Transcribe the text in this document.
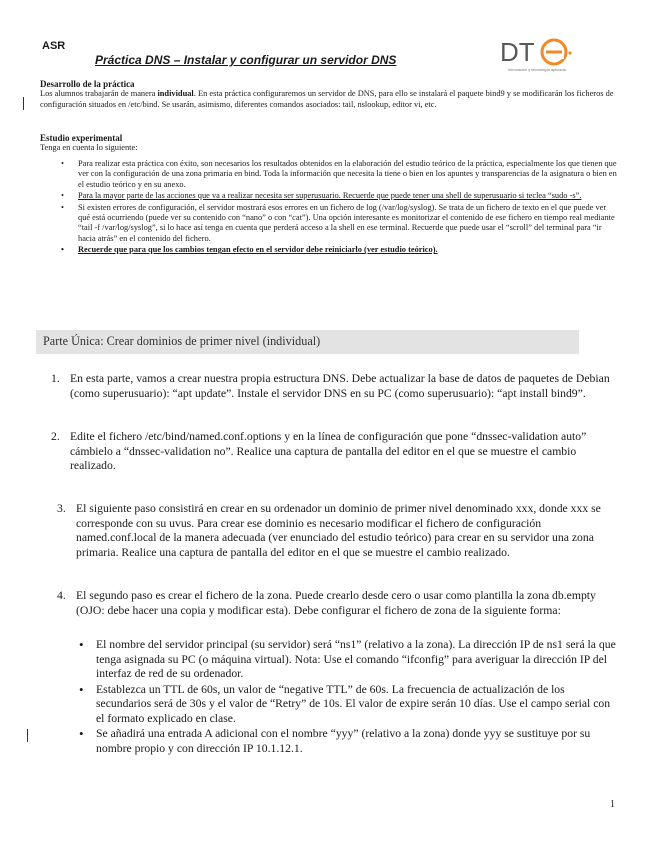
ASR
Práctica DNS – Instalar y configurar un servidor DNS	DT
innovación y tecnología aplicada
Desarrollo de la práctica
Los alumnos trabajarán de manera individual. En esta práctica configuraremos un servidor de DNS, para ello se instalará el paquete bind9 y se modificarán los ficheros de configuración situados en /etc/bind. Se usarán, asimismo, diferentes comandos asociados: tail, nslookup, editor vi, etc.
Estudio experimental
Tenga en cuenta lo siguiente:
• Para realizar esta práctica con éxito, son necesarios los resultados obtenidos en la elaboración del estudio teórico de la práctica, especialmente los que tienen que ver con la configuración de una zona primaria en bind. Toda la información que necesita la tiene o bien en los apuntes y transparencias de la asignatura o bien en el estudio teórico y en su anexo.
• Para la mayor parte de las acciones que va a realizar necesita ser superusuario. Recuerde que puede tener una shell de superusuario si teclea “sudo -s”.
• Si existen errores de configuración, el servidor mostrará esos errores en un fichero de log (/var/log/syslog). Se trata de un fichero de texto en el que puede ver qué está ocurriendo (puede ver su contenido con “nano” o con “cat”). Una opción interesante es monitorizar el contenido de ese fichero en tiempo real mediante “tail -f /var/log/syslog”, si lo hace así tenga en cuenta que perderá acceso a la shell en ese terminal. Recuerde que puede usar el “scroll” del terminal para “ir hacia atrás” en el contenido del fichero.
• Recuerde que para que los cambios tengan efecto en el servidor debe reiniciarlo (ver estudio teórico).
Parte Única: Crear dominios de primer nivel (individual)
1. En esta parte, vamos a crear nuestra propia estructura DNS. Debe actualizar la base de datos de paquetes de Debian (como superusuario): “apt update”. Instale el servidor DNS en su PC (como superusuario): “apt install bind9”.
2. Edite el fichero /etc/bind/named.conf.options y en la línea de configuración que pone “dnssec-validation auto” cámbielo a “dnssec-validation no”. Realice una captura de pantalla del editor en el que se muestre el cambio realizado.
3. El siguiente paso consistirá en crear en su ordenador un dominio de primer nivel denominado xxx, donde xxx se corresponde con su uvus. Para crear ese dominio es necesario modificar el fichero de configuración named.conf.local de la manera adecuada (ver enunciado del estudio teórico) para crear en su servidor una zona primaria. Realice una captura de pantalla del editor en el que se muestre el cambio realizado.
4. El segundo paso es crear el fichero de la zona. Puede crearlo desde cero o usar como plantilla la zona db.empty (OJO: debe hacer una copia y modificar esta). Debe configurar el fichero de zona de la siguiente forma:
• El nombre del servidor principal (su servidor) será “ns1” (relativo a la zona). La dirección IP de ns1 será la que tenga asignada su PC (o máquina virtual). Nota: Use el comando “ifconfig” para averiguar la dirección IP del interfaz de red de su ordenador.
• Establezca un TTL de 60s, un valor de “negative TTL” de 60s. La frecuencia de actualización de los secundarios será de 30s y el valor de “Retry” de 10s. El valor de expire serán 10 días. Use el campo serial con el formato explicado en clase.
• Se añadirá una entrada A adicional con el nombre “yyy” (relativo a la zona) donde yyy se sustituye por su nombre propio y con dirección IP 10.1.12.1.
1
